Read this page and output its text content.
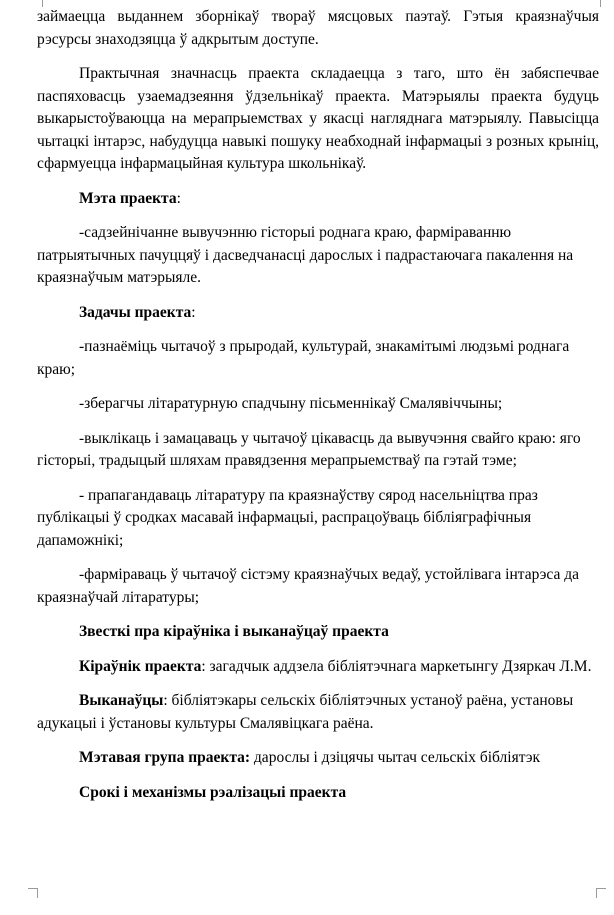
займаецца выданнем зборнікаў твораў мясцовых паэтаў. Гэтыя краязнаўчыя рэсурсы знаходзяцца ў адкрытым доступе.

Практычная значнасць праекта складаецца з таго, што ён забяспечвае паспяховасць узаемадзеяння ўдзельнікаў праекта. Матэрыялы праекта будуць выкарыстоўваюцца на мерапрыемствах у якасці нагляднага матэрыялу. Павысіцца чытацкі інтарэс, набудуцца навыкі пошуку неабходнай інфармацыі з розных крыніц, сфармуецца інфармацыйная культура школьнікаў.

Мэта праекта:

-садзейнічанне вывучэнню гісторыі роднага краю, фарміраванню патрыятычных пачуццяў і дасведчанасці дарослых і падрастаючага пакалення на краязнаўчым матэрыяле.

Задачы праекта:

-пазнаёміць чытачоў з прыродай, культурай, знакамітымі людзьмі роднага краю;

-зберагчы літаратурную спадчыну пісьменнікаў Смалявіччыны;

-выклікаць і замацаваць у чытачоў цікавасць да вывучэння свайго краю: яго гісторыі, традыцый шляхам правядзення мерапрыемстваў па гэтай тэме;

- прапагандаваць літаратуру па краязнаўству сярод насельніцтва праз публікацыі ў сродках масавай інфармацыі, распрацоўваць бібліяграфічныя дапаможнікі;

-фарміраваць ў чытачоў сістэму краязнаўчых ведаў, устойлівага інтарэса да краязнаўчай літаратуры;

Звесткі пра кіраўніка і выканаўцаў праекта

Кіраўнік праекта: загадчык аддзела бібліятэчнага маркетынгу Дзяркач Л.М.

Выканаўцы: бібліятэкары сельскіх бібліятэчных устаноў раёна, установы адукацыі і ўстановы культуры Смалявіцкага раёна.

Мэтавая група праекта: дарослы і дзіцячы чытач сельскіх бібліятэк

Срокі і механізмы рэалізацыі праекта
